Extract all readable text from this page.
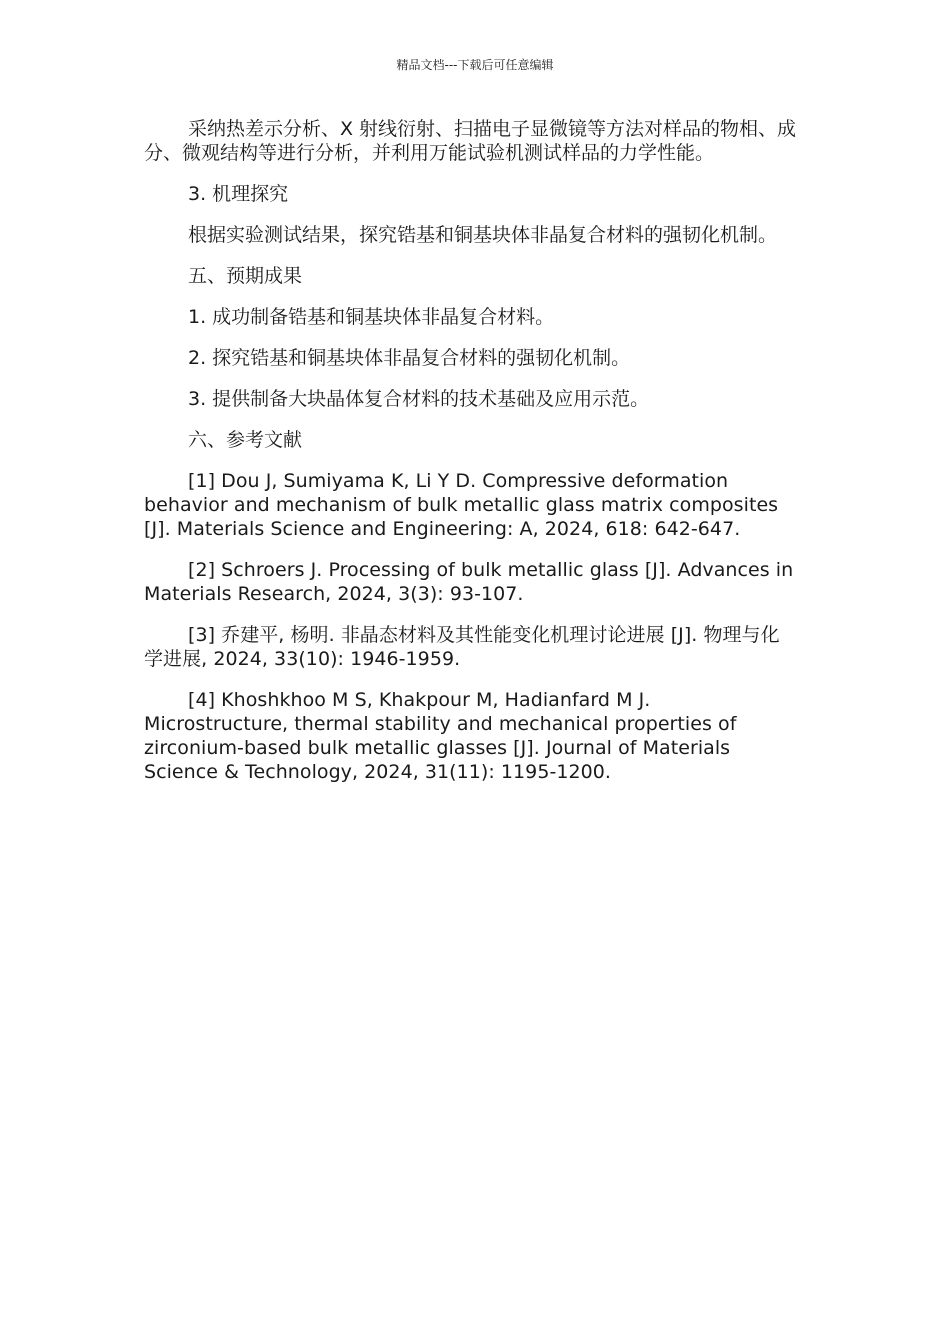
精品文档---下载后可任意编辑

采纳热差示分析、X 射线衍射、扫描电子显微镜等方法对样品的物相、成分、微观结构等进行分析，并利用万能试验机测试样品的力学性能。

3. 机理探究

根据实验测试结果，探究锆基和铜基块体非晶复合材料的强韧化机制。

五、预期成果

1. 成功制备锆基和铜基块体非晶复合材料。

2. 探究锆基和铜基块体非晶复合材料的强韧化机制。

3. 提供制备大块晶体复合材料的技术基础及应用示范。

六、参考文献

[1] Dou J, Sumiyama K, Li Y D. Compressive deformation behavior and mechanism of bulk metallic glass matrix composites [J]. Materials Science and Engineering: A, 2024, 618: 642-647.

[2] Schroers J. Processing of bulk metallic glass [J]. Advances in Materials Research, 2024, 3(3): 93-107.

[3] 乔建平, 杨明. 非晶态材料及其性能变化机理讨论进展 [J]. 物理与化学进展, 2024, 33(10): 1946-1959.

[4] Khoshkhoo M S, Khakpour M, Hadianfard M J. Microstructure, thermal stability and mechanical properties of zirconium-based bulk metallic glasses [J]. Journal of Materials Science & Technology, 2024, 31(11): 1195-1200.
